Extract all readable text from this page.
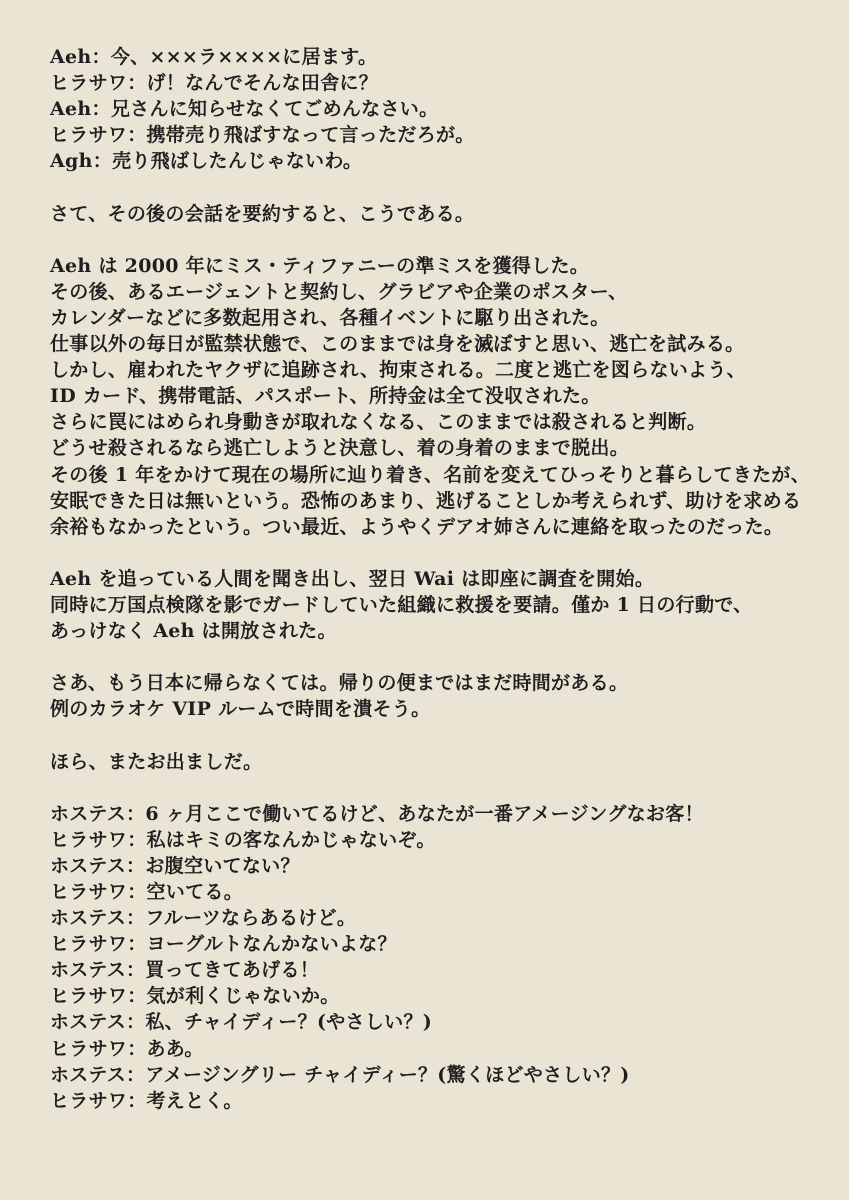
Aeh：今、×××ラ××××に居ます。
ヒラサワ：げ！なんでそんな田舎に？
Aeh：兄さんに知らせなくてごめんなさい。
ヒラサワ：携帯売り飛ばすなって言っただろが。
Agh：売り飛ばしたんじゃないわ。
さて、その後の会話を要約すると、こうである。
Aeh は 2000 年にミス・ティファニーの準ミスを獲得した。
その後、あるエージェントと契約し、グラビアや企業のポスター、
カレンダーなどに多数起用され、各種イベントに駆り出された。
仕事以外の毎日が監禁状態で、このままでは身を滅ぼすと思い、逃亡を試みる。
しかし、雇われたヤクザに追跡され、拘束される。二度と逃亡を図らないよう、
ID カード、携帯電話、パスポート、所持金は全て没収された。
さらに罠にはめられ身動きが取れなくなる、このままでは殺されると判断。
どうせ殺されるなら逃亡しようと決意し、着の身着のままで脱出。
その後 1 年をかけて現在の場所に辿り着き、名前を変えてひっそりと暮らしてきたが、
安眠できた日は無いという。恐怖のあまり、逃げることしか考えられず、助けを求める
余裕もなかったという。つい最近、ようやくデアオ姉さんに連絡を取ったのだった。
Aeh を追っている人間を聞き出し、翌日 Wai は即座に調査を開始。
同時に万国点検隊を影でガードしていた組織に救援を要請。僅か 1 日の行動で、
あっけなく Aeh は開放された。
さあ、もう日本に帰らなくては。帰りの便まではまだ時間がある。
例のカラオケ VIP ルームで時間を潰そう。
ほら、またお出ましだ。
ホステス：6 ヶ月ここで働いてるけど、あなたが一番アメージングなお客！
ヒラサワ：私はキミの客なんかじゃないぞ。
ホステス：お腹空いてない？
ヒラサワ：空いてる。
ホステス：フルーツならあるけど。
ヒラサワ：ヨーグルトなんかないよな？
ホステス：買ってきてあげる！
ヒラサワ：気が利くじゃないか。
ホステス：私、チャイディー？(やさしい？)
ヒラサワ：ああ。
ホステス：アメージングリー チャイディー？(驚くほどやさしい？)
ヒラサワ：考えとく。
